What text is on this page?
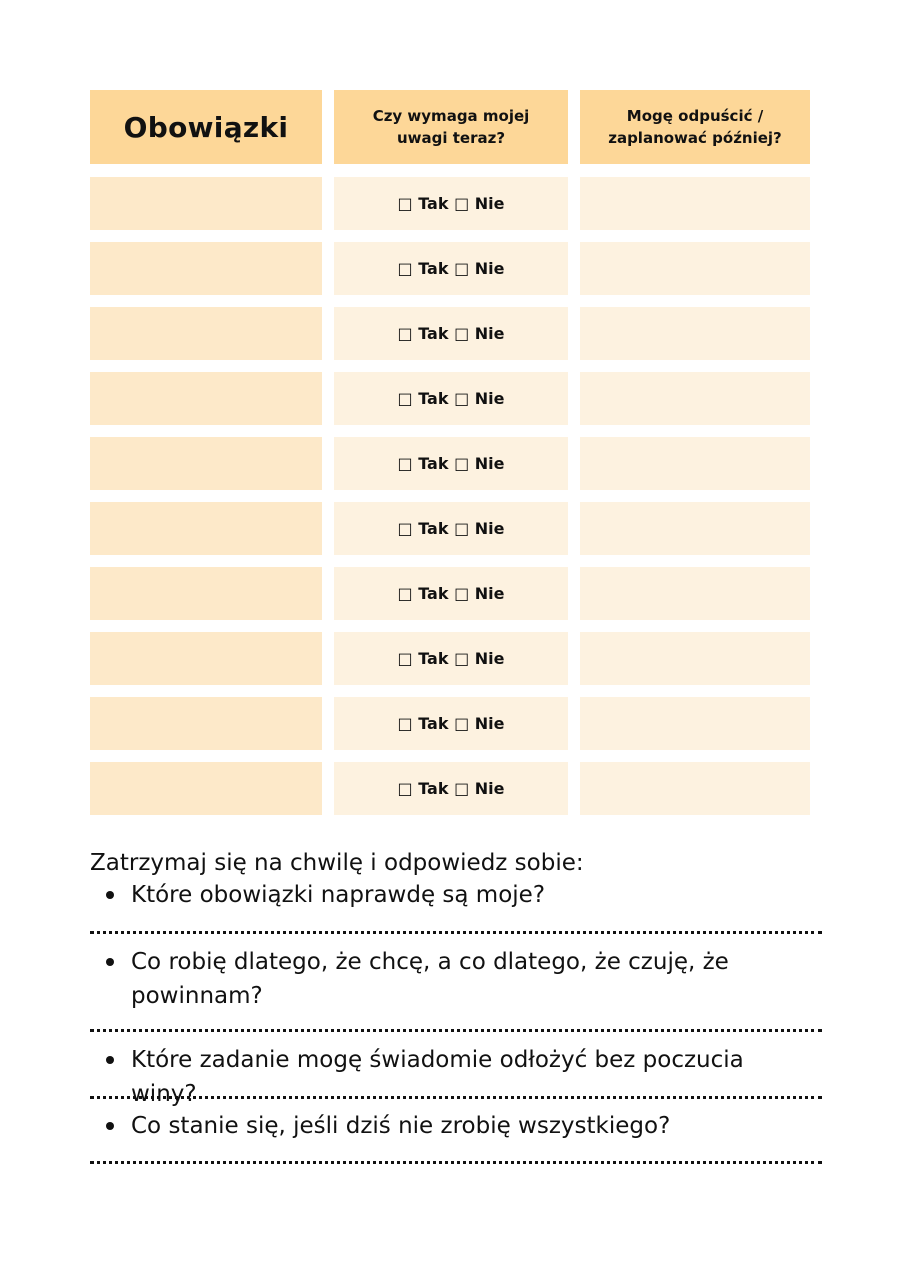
Obowiązki	Czy wymaga mojej uwagi teraz?
Mogę odpuścić / zaplanować później?
□ Tak □ Nie
□ Tak □ Nie
□ Tak □ Nie
□ Tak □ Nie
□ Tak □ Nie
□ Tak □ Nie
□ Tak □ Nie
□ Tak □ Nie
□ Tak □ Nie
□ Tak □ Nie
Zatrzymaj się na chwilę i odpowiedz sobie:
Które obowiązki naprawdę są moje?
Co robię dlatego, że chcę, a co dlatego, że czuję, że powinnam?
Które zadanie mogę świadomie odłożyć bez poczucia winy?
Co stanie się, jeśli dziś nie zrobię wszystkiego?
